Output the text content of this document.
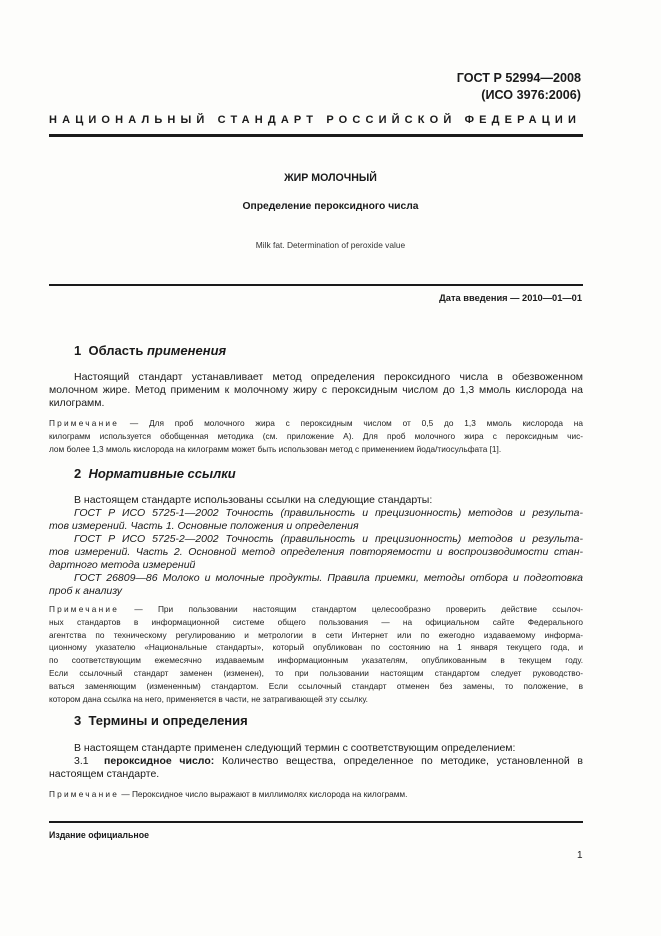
ГОСТ Р 52994—2008
(ИСО 3976:2006)
НАЦИОНАЛЬНЫЙ СТАНДАРТ РОССИЙСКОЙ ФЕДЕРАЦИИ
ЖИР МОЛОЧНЫЙ
Определение пероксидного числа
Milk fat. Determination of peroxide value
Дата введения — 2010—01—01
1 Область применения
Настоящий стандарт устанавливает метод определения пероксидного числа в обезвоженном
молочном жире. Метод применим к молочному жиру с пероксидным числом до 1,3 ммоль кислорода на
килограмм.
Примечание — Для проб молочного жира с пероксидным числом от 0,5 до 1,3 ммоль кислорода на
килограмм используется обобщенная методика (см. приложение А). Для проб молочного жира с пероксидным чис-
лом более 1,3 ммоль кислорода на килограмм может быть использован метод с применением йода/тиосульфата [1].
2 Нормативные ссылки
В настоящем стандарте использованы ссылки на следующие стандарты:
ГОСТ Р ИСО 5725-1—2002 Точность (правильность и прецизионность) методов и результа-
тов измерений. Часть 1. Основные положения и определения
ГОСТ Р ИСО 5725-2—2002 Точность (правильность и прецизионность) методов и результа-
тов измерений. Часть 2. Основной метод определения повторяемости и воспроизводимости стан-
дартного метода измерений
ГОСТ 26809—86 Молоко и молочные продукты. Правила приемки, методы отбора и подготовка
проб к анализу
Примечание — При пользовании настоящим стандартом целесообразно проверить действие ссылоч-
ных стандартов в информационной системе общего пользования — на официальном сайте Федерального
агентства по техническому регулированию и метрологии в сети Интернет или по ежегодно издаваемому информа-
ционному указателю «Национальные стандарты», который опубликован по состоянию на 1 января текущего года, и
по соответствующим ежемесячно издаваемым информационным указателям, опубликованным в текущем году.
Если ссылочный стандарт заменен (изменен), то при пользовании настоящим стандартом следует руководство-
ваться заменяющим (измененным) стандартом. Если ссылочный стандарт отменен без замены, то положение, в
котором дана ссылка на него, применяется в части, не затрагивающей эту ссылку.
3 Термины и определения
В настоящем стандарте применен следующий термин с соответствующим определением:
3.1 пероксидное число: Количество вещества, определенное по методике, установленной в
настоящем стандарте.
Примечание — Пероксидное число выражают в миллимолях кислорода на килограмм.
Издание официальное
1
